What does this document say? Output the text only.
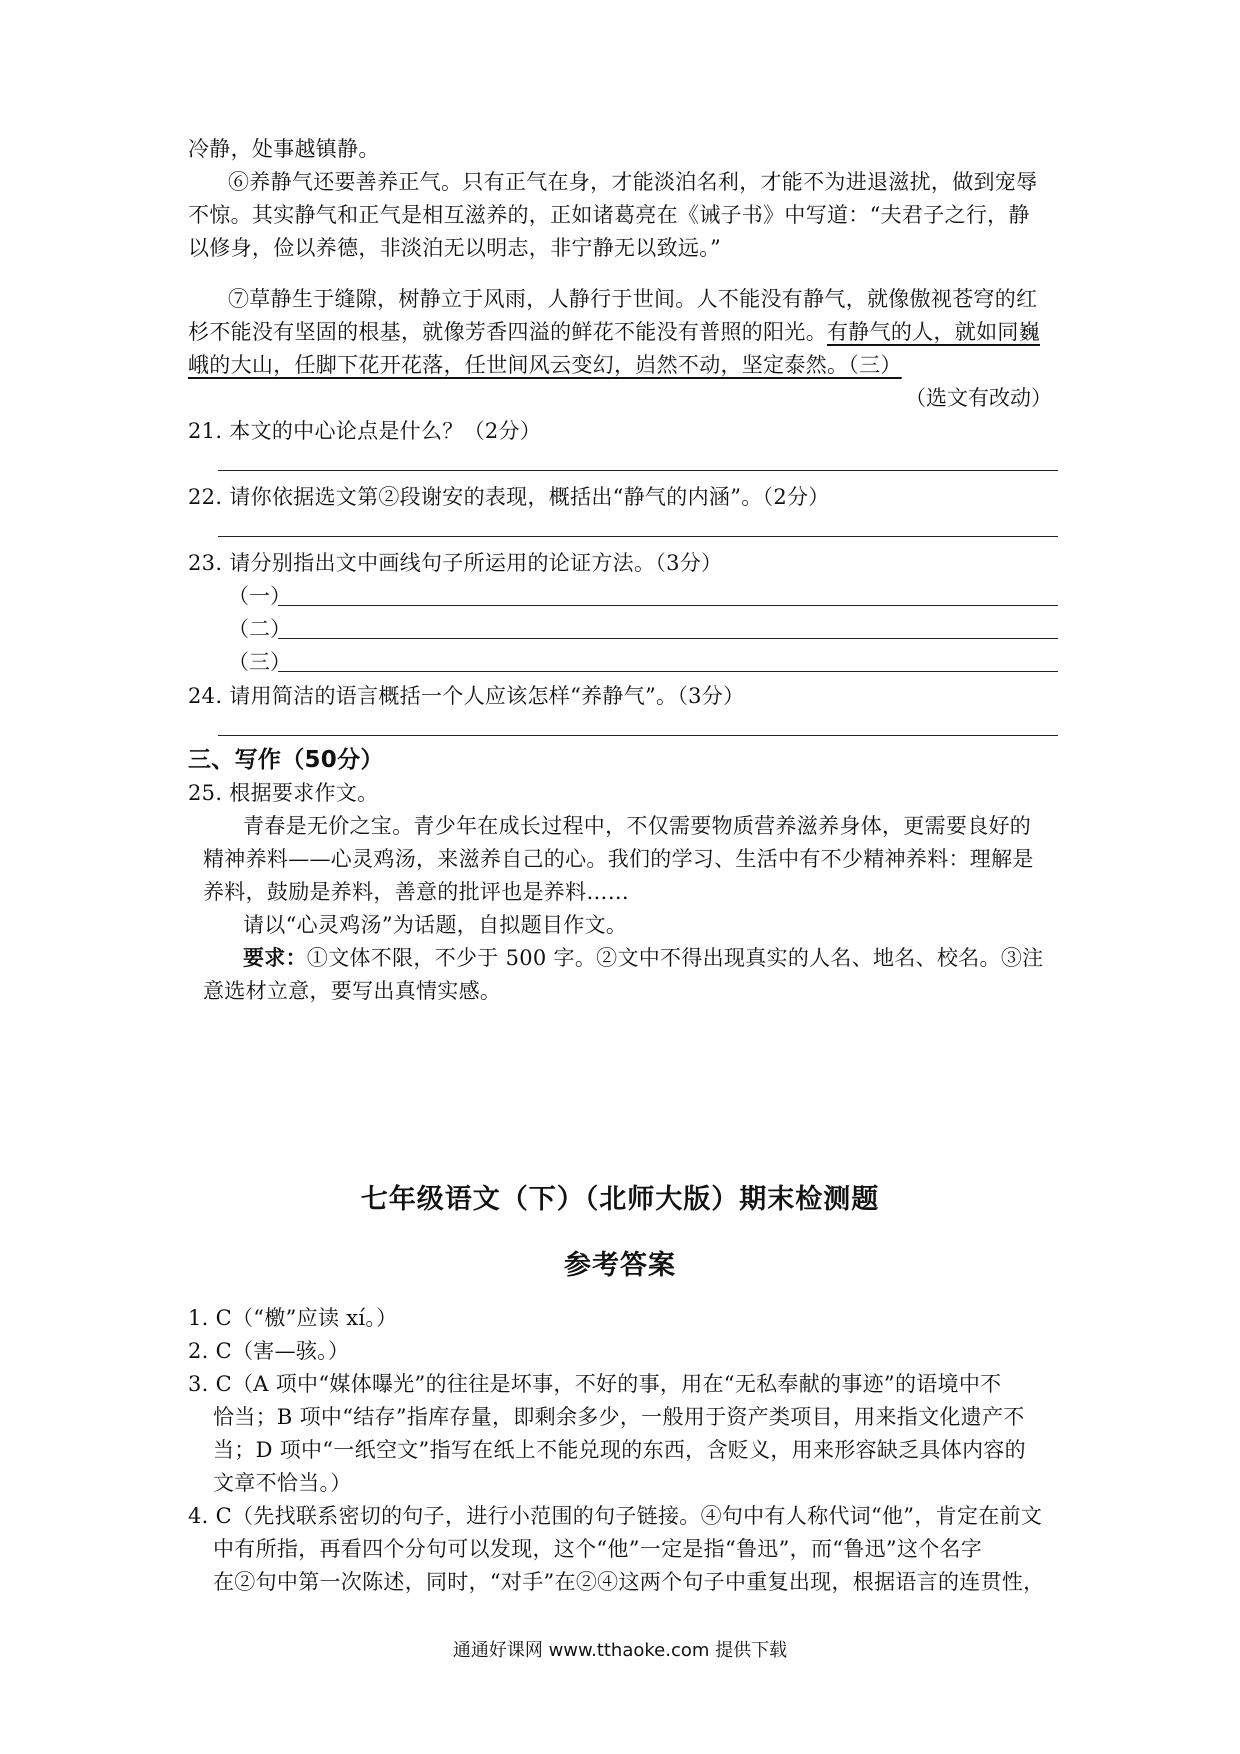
冷静，处事越镇静。
⑥养静气还要善养正气。只有正气在身，才能淡泊名利，才能不为进退滋扰，做到宠辱
不惊。其实静气和正气是相互滋养的，正如诸葛亮在《诫子书》中写道：“夫君子之行，静
以修身，俭以养德，非淡泊无以明志，非宁静无以致远。”
⑦草静生于缝隙，树静立于风雨，人静行于世间。人不能没有静气，就像傲视苍穹的红
杉不能没有坚固的根基，就像芳香四溢的鲜花不能没有普照的阳光。有静气的人，就如同巍
峨的大山，任脚下花开花落，任世间风云变幻，岿然不动，坚定泰然。（三）
（选文有改动）
21. 本文的中心论点是什么？（2分）
22. 请你依据选文第②段谢安的表现，概括出“静气的内涵”。（2分）
23. 请分别指出文中画线句子所运用的论证方法。（3分）
（一）
（二）
（三）
24. 请用简洁的语言概括一个人应该怎样“养静气”。（3分）
三、写作（50分）
25. 根据要求作文。
青春是无价之宝。青少年在成长过程中，不仅需要物质营养滋养身体，更需要良好的
精神养料——心灵鸡汤，来滋养自己的心。我们的学习、生活中有不少精神养料：理解是
养料，鼓励是养料，善意的批评也是养料……
请以“心灵鸡汤”为话题，自拟题目作文。
要求：①文体不限，不少于 500 字。②文中不得出现真实的人名、地名、校名。③注
意选材立意，要写出真情实感。
七年级语文（下）（北师大版）期末检测题
参考答案
1. C（“檄”应读 xí。）
2. C（害—骇。）
3. C（A 项中“媒体曝光”的往往是坏事，不好的事，用在“无私奉献的事迹”的语境中不
恰当；B 项中“结存”指库存量，即剩余多少，一般用于资产类项目，用来指文化遗产不
当；D 项中“一纸空文”指写在纸上不能兑现的东西，含贬义，用来形容缺乏具体内容的
文章不恰当。）
4. C（先找联系密切的句子，进行小范围的句子链接。④句中有人称代词“他”，肯定在前文
中有所指，再看四个分句可以发现，这个“他”一定是指“鲁迅”，而“鲁迅”这个名字
在②句中第一次陈述，同时，“对手”在②④这两个句子中重复出现，根据语言的连贯性，
通通好课网 www.tthaoke.com 提供下载
